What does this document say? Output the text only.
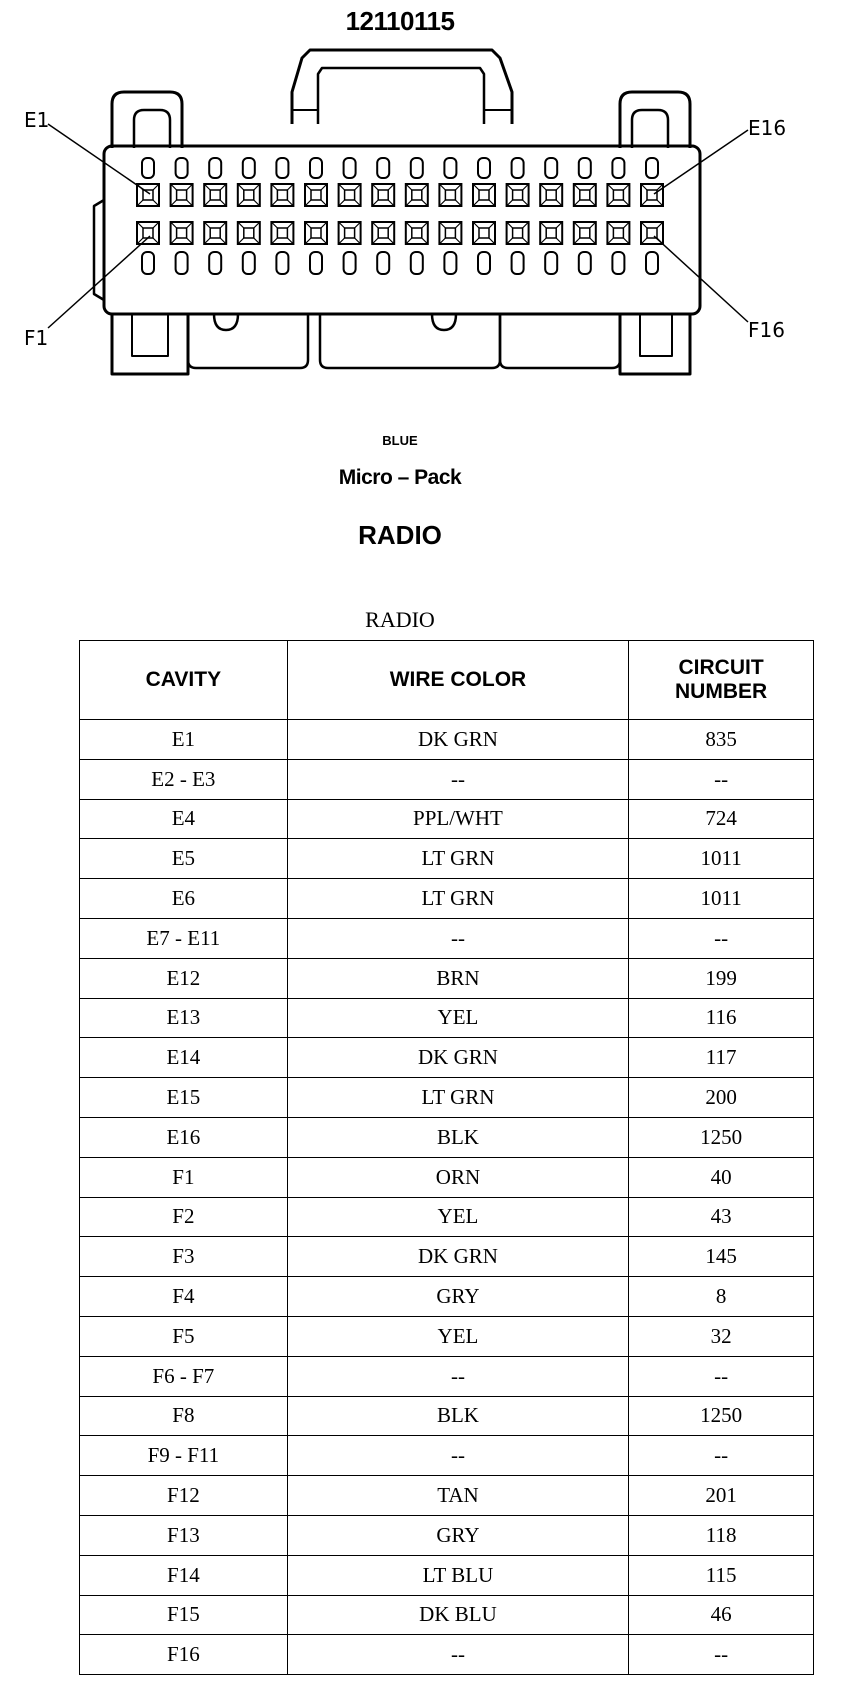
12110115
E1	E16
F1	F16
BLUE
Micro – Pack
RADIO
RADIO
CAVITY	WIRE COLOR	CIRCUIT
NUMBER
E1	DK GRN	835
E2 - E3	--	--
E4	PPL/WHT	724
E5	LT GRN	1011
E6	LT GRN	1011
E7 - E11	--	--
E12	BRN	199
E13	YEL	116
E14	DK GRN	117
E15	LT GRN	200
E16	BLK	1250
F1	ORN	40
F2	YEL	43
F3	DK GRN	145
F4	GRY	8
F5	YEL	32
F6 - F7	--	--
F8	BLK	1250
F9 - F11	--	--
F12	TAN	201
F13	GRY	118
F14	LT BLU	115
F15	DK BLU	46
F16	--	--
